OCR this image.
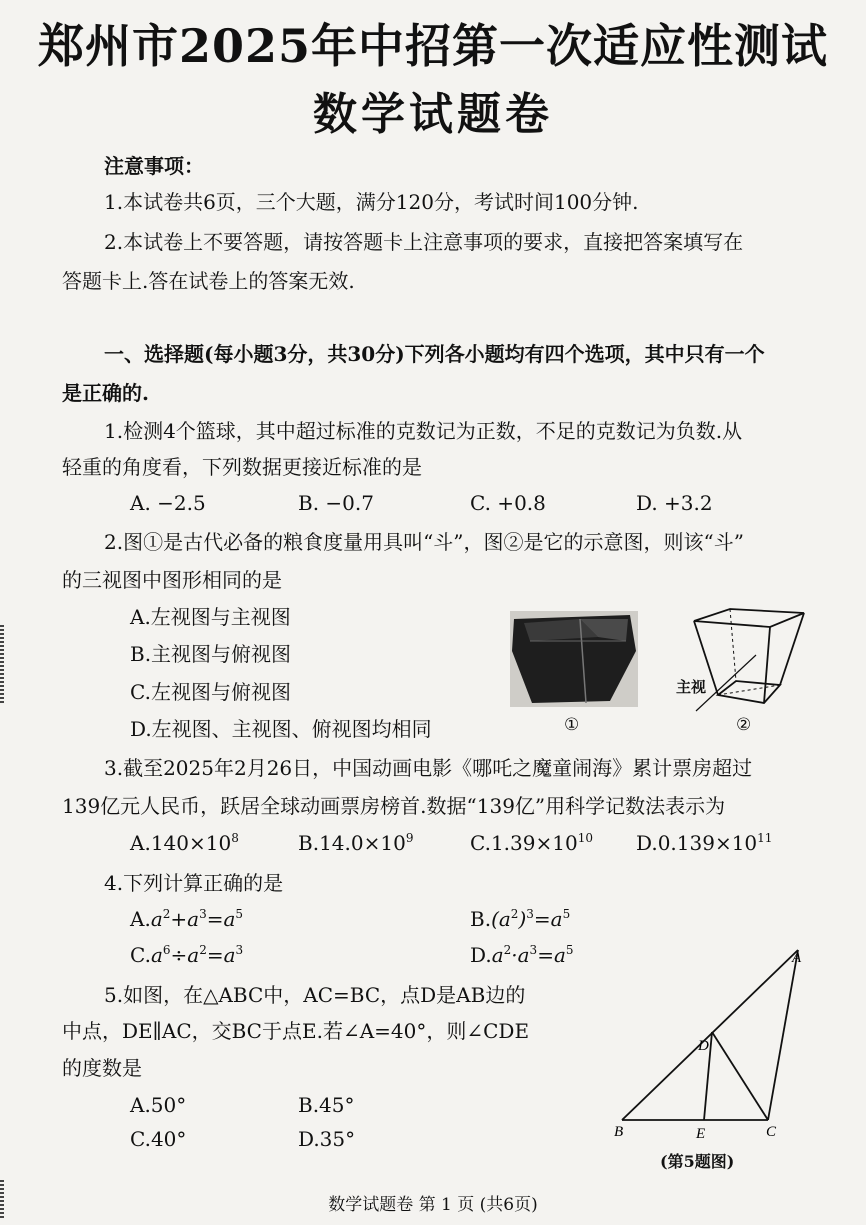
郑州市2025年中招第一次适应性测试
数学试题卷
注意事项：
1.本试卷共6页，三个大题，满分120分，考试时间100分钟.
2.本试卷上不要答题，请按答题卡上注意事项的要求，直接把答案填写在
答题卡上.答在试卷上的答案无效.
一、选择题(每小题3分，共30分)下列各小题均有四个选项，其中只有一个
是正确的.
1.检测4个篮球，其中超过标准的克数记为正数，不足的克数记为负数.从
轻重的角度看，下列数据更接近标准的是
A. −2.5	B. −0.7	C. +0.8	D. +3.2
2.图①是古代必备的粮食度量用具叫“斗”，图②是它的示意图，则该“斗”
的三视图中图形相同的是
A.左视图与主视图
B.主视图与俯视图
C.左视图与俯视图
D.左视图、主视图、俯视图均相同	①
主视
②
3.截至2025年2月26日，中国动画电影《哪吒之魔童闹海》累计票房超过
139亿元人民币，跃居全球动画票房榜首.数据“139亿”用科学记数法表示为
$A.140\times 10^8$	$B.14.0\times 10^9$	$C.1.39\times 10^{10}$ $D.0.139\times 10^{11}$
4.下列计算正确的是
$A.a^2+a^3=a^5$	$B.(a^2)^3=a^5$
$C.a^6\div a^2=a^3$	$D.a^2\cdot a^3=a^5$
5.如图，在△ABC中，AC=BC，点D是AB边的
中点，DE∥AC，交BC于点E.若∠A=40°，则∠CDE
的度数是
A.50°	B.45°
C.40°	D.35°
A
D
B	E	C
(第5题图)
数学试题卷 第 1 页 (共6页)
